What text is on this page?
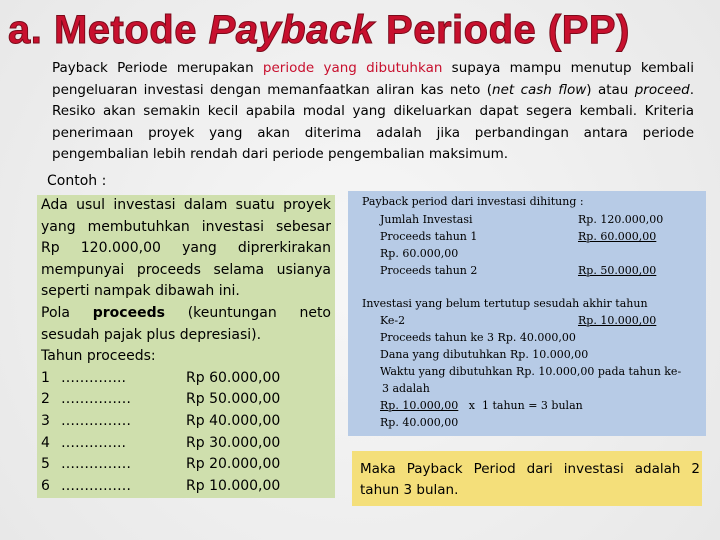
a. Metode Payback Periode (PP)
Payback Periode merupakan periode yang dibutuhkan supaya mampu menutup kembali pengeluaran investasi dengan memanfaatkan aliran kas neto (net cash flow) atau proceed. Resiko akan semakin kecil apabila modal yang dikeluarkan dapat segera kembali. Kriteria penerimaan proyek yang akan diterima adalah jika perbandingan antara periode pengembalian lebih rendah dari periode pengembalian maksimum.
Contoh :
Ada usul investasi dalam suatu proyek yang membutuhkan investasi sebesar Rp 120.000,00 yang diprerkirakan mempunyai proceeds selama usianya seperti nampak dibawah ini.
Pola proceeds (keuntungan neto sesudah pajak plus depresiasi).
Tahun proceeds:
1 …………..	Rp 60.000,00
2 ……………	Rp 50.000,00
3 ……………	Rp 40.000,00
4 …………..	Rp 30.000,00
5 ……………	Rp 20.000,00
6 ……………	Rp 10.000,00
Payback period dari investasi dihitung :
Jumlah Investasi	Rp. 120.000,00
Proceeds tahun 1	Rp. 60.000,00
Rp. 60.000,00
Proceeds tahun 2	Rp. 50.000,00
Investasi yang belum tertutup sesudah akhir tahun
Ke-2	Rp. 10.000,00
Proceeds tahun ke 3 Rp. 40.000,00
Dana yang dibutuhkan Rp. 10.000,00
Waktu yang dibutuhkan Rp. 10.000,00 pada tahun ke-
3 adalah
Rp. 10.000,00   x  1 tahun = 3 bulan
Rp. 40.000,00
Maka Payback Period dari investasi adalah 2 tahun 3 bulan.
